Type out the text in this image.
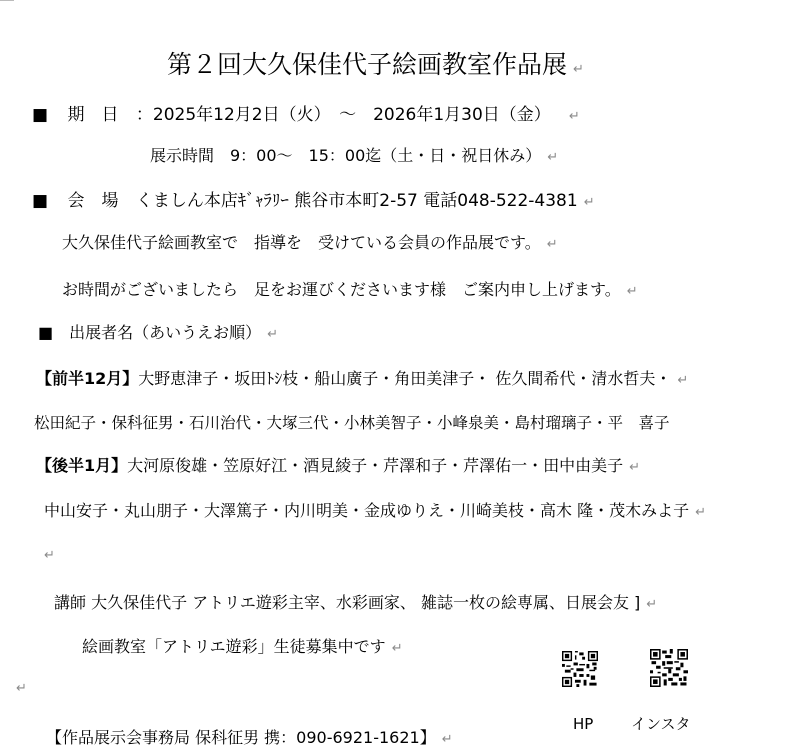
第２回大久保佳代子絵画教室作品展 ↵
■ 期　日 ：2025年12月2日（火）　～　2026年1月30日（金） ↵
展示時間　9：00～　15：00迄（土・日・祝日休み） ↵
■ 会　場 くましん本店ｷﾞｬﾗﾘｰ 熊谷市本町2-57 電話048-522-4381 ↵
大久保佳代子絵画教室で　指導を　受けている会員の作品展です。 ↵
お時間がございましたら　足をお運びくださいます様　ご案内申し上げます。 ↵
■　出展者名（あいうえお順） ↵
【前半12月】大野恵津子・坂田ﾄｼ枝・船山廣子・角田美津子・ 佐久間希代・清水哲夫・ ↵
松田紀子・保科征男・石川治代・大塚三代・小林美智子・小峰泉美・島村瑠璃子・平　喜子
【後半1月】大河原俊雄・笠原好江・酒見綾子・芹澤和子・芹澤佑一・田中由美子 ↵
中山安子・丸山朋子・大澤篤子・内川明美・金成ゆりえ・川崎美枝・高木 隆・茂木みよ子 ↵
↵
講師 大久保佳代子 アトリエ遊彩主宰、水彩画家、 雑誌一枚の絵専属、日展会友 ] ↵
絵画教室「アトリエ遊彩」生徒募集中です ↵
↵
【作品展示会事務局 保科征男 携：090-6921-1621】 ↵
HP	インスタ
